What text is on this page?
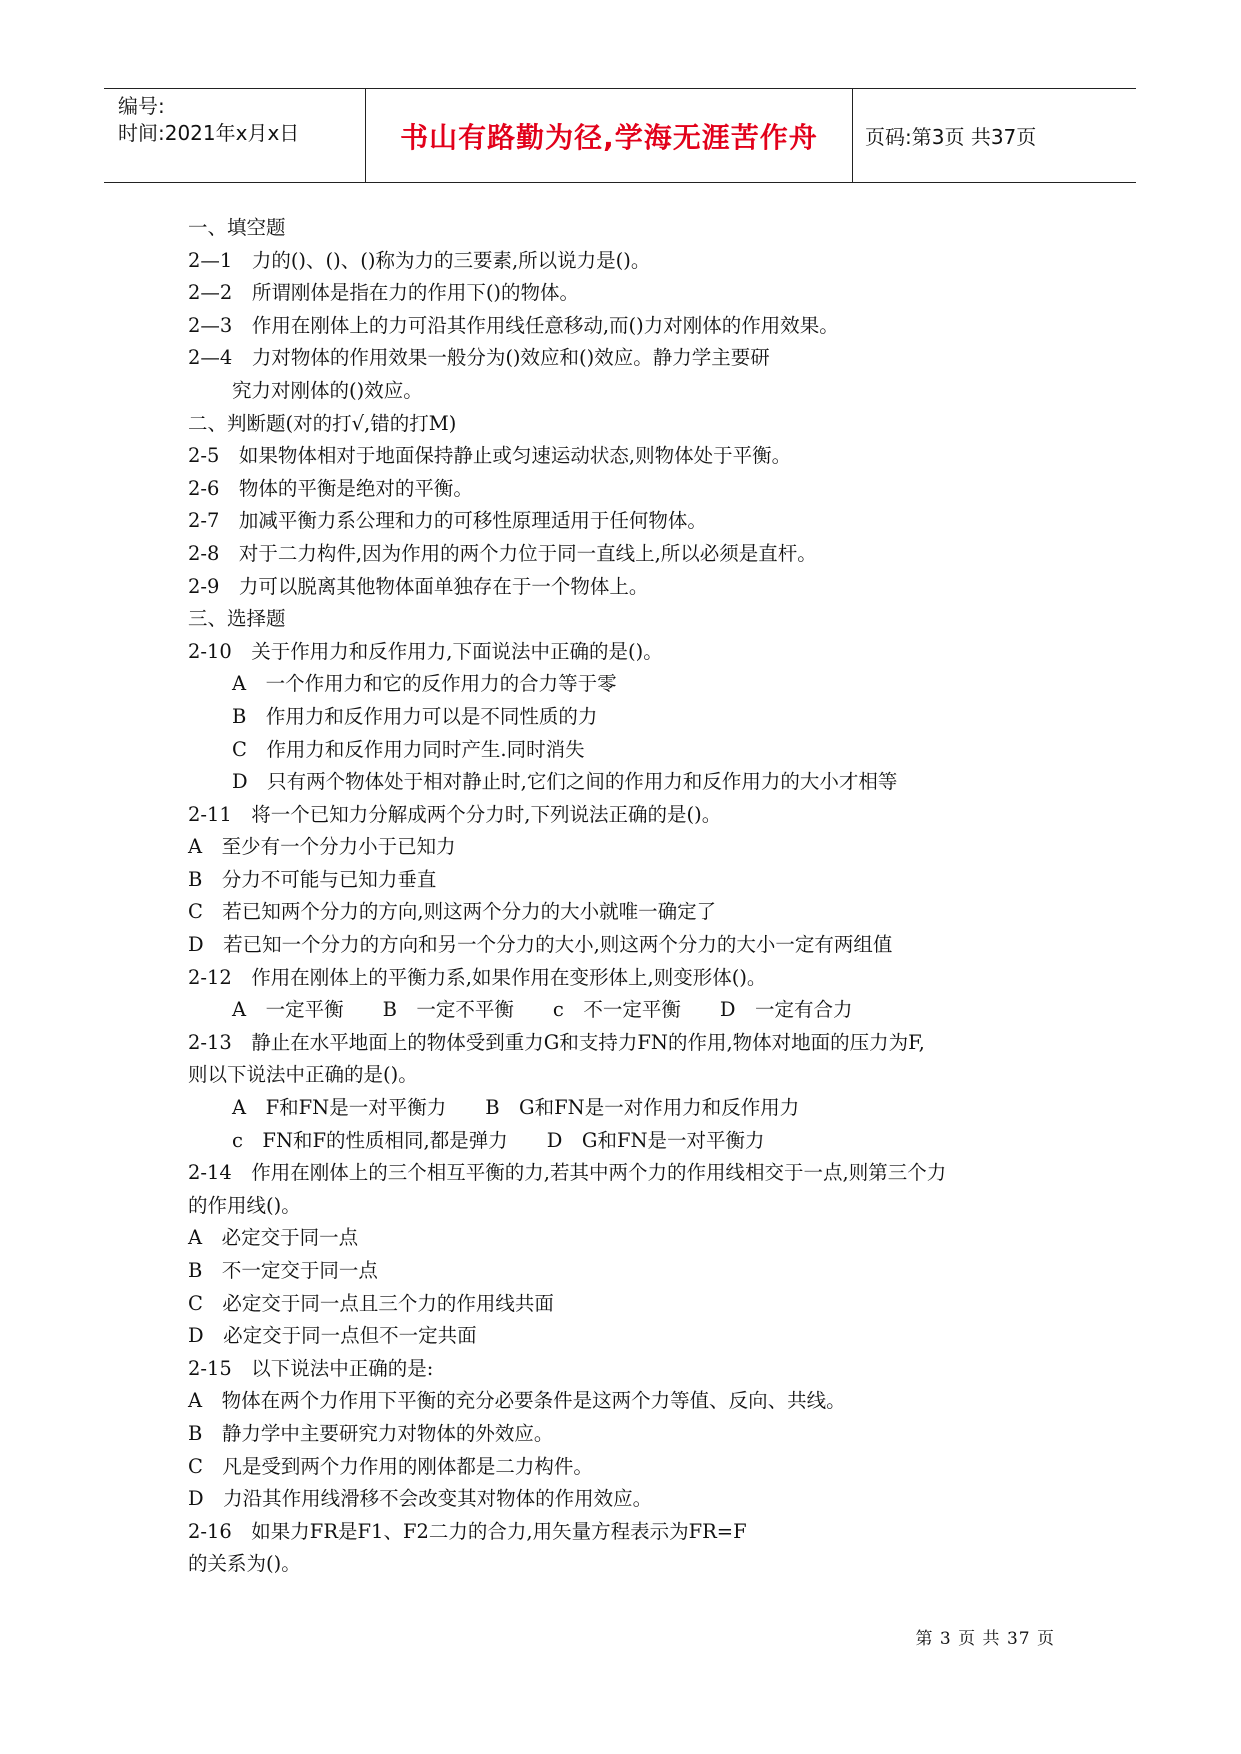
编号:
时间:2021年x月x日	书山有路勤为径,学海无涯苦作舟	页码:第3页 共37页
一、填空题
2—1　力的()、()、()称为力的三要素,所以说力是()。
2—2　所谓刚体是指在力的作用下()的物体。
2—3　作用在刚体上的力可沿其作用线任意移动,而()力对刚体的作用效果。
2—4　力对物体的作用效果一般分为()效应和()效应。静力学主要研
究力对刚体的()效应。
二、判断题(对的打√,错的打M)
2-5　如果物体相对于地面保持静止或匀速运动状态,则物体处于平衡。
2-6　物体的平衡是绝对的平衡。
2-7　加减平衡力系公理和力的可移性原理适用于任何物体。
2-8　对于二力构件,因为作用的两个力位于同一直线上,所以必须是直杆。
2-9　力可以脱离其他物体面单独存在于一个物体上。
三、选择题
2-10　关于作用力和反作用力,下面说法中正确的是()。
A　一个作用力和它的反作用力的合力等于零
B　作用力和反作用力可以是不同性质的力
C　作用力和反作用力同时产生.同时消失
D　只有两个物体处于相对静止时,它们之间的作用力和反作用力的大小才相等
2-11　将一个已知力分解成两个分力时,下列说法正确的是()。
A　至少有一个分力小于已知力
B　分力不可能与已知力垂直
C　若已知两个分力的方向,则这两个分力的大小就唯一确定了
D　若已知一个分力的方向和另一个分力的大小,则这两个分力的大小一定有两组值
2-12　作用在刚体上的平衡力系,如果作用在变形体上,则变形体()。
A　一定平衡　　B　一定不平衡　　c　不一定平衡　　D　一定有合力
2-13　静止在水平地面上的物体受到重力G和支持力FN的作用,物体对地面的压力为F,
则以下说法中正确的是()。
A　F和FN是一对平衡力　　B　G和FN是一对作用力和反作用力
c　FN和F的性质相同,都是弹力　　D　G和FN是一对平衡力
2-14　作用在刚体上的三个相互平衡的力,若其中两个力的作用线相交于一点,则第三个力
的作用线()。
A　必定交于同一点
B　不一定交于同一点
C　必定交于同一点且三个力的作用线共面
D　必定交于同一点但不一定共面
2-15　以下说法中正确的是:
A　物体在两个力作用下平衡的充分必要条件是这两个力等值、反向、共线。
B　静力学中主要研究力对物体的外效应。
C　凡是受到两个力作用的刚体都是二力构件。
D　力沿其作用线滑移不会改变其对物体的作用效应。
2-16　如果力FR是F1、F2二力的合力,用矢量方程表示为FR=F
的关系为()。
第 3 页 共 37 页
